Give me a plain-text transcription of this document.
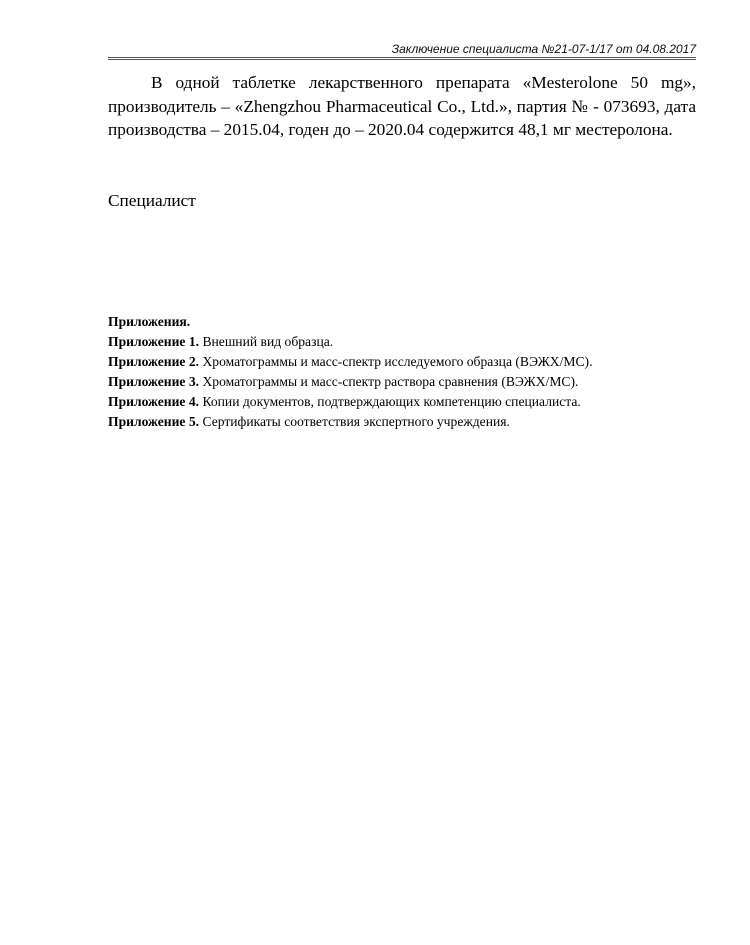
Заключение специалиста №21-07-1/17 от 04.08.2017

В одной таблетке лекарственного препарата «Mesterolone 50 mg», производитель – «Zhengzhou Pharmaceutical Co., Ltd.», партия № - 073693, дата производства – 2015.04, годен до – 2020.04 содержится 48,1 мг местеролона.

Специалист

Приложения.
Приложение 1. Внешний вид образца.
Приложение 2. Хроматограммы и масс-спектр исследуемого образца (ВЭЖХ/МС).
Приложение 3. Хроматограммы и масс-спектр раствора сравнения (ВЭЖХ/МС).
Приложение 4. Копии документов, подтверждающих компетенцию специалиста.
Приложение 5. Сертификаты соответствия экспертного учреждения.
